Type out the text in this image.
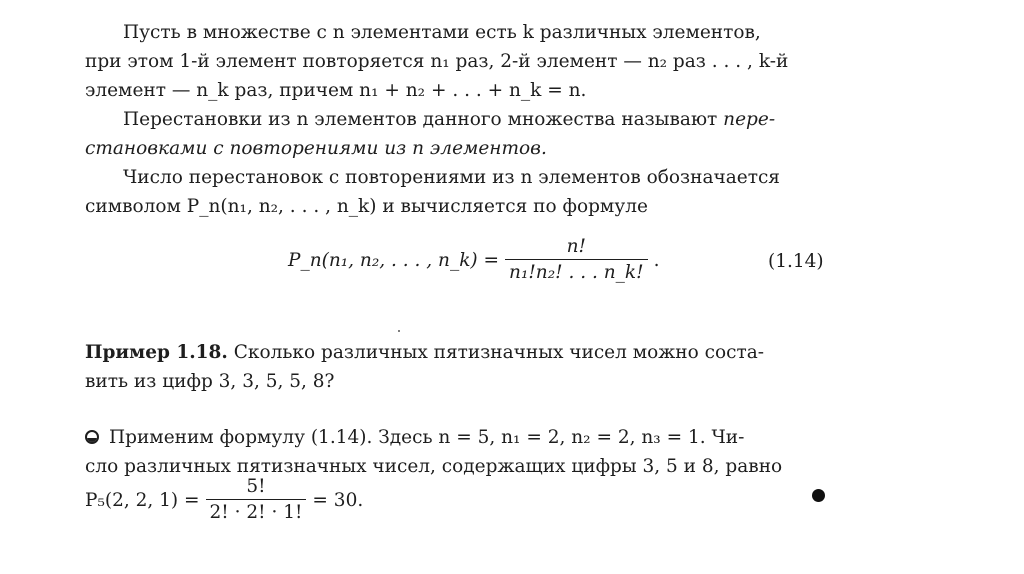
Пусть в множестве с n элементами есть k различных элементов,
при этом 1-й элемент повторяется n₁ раз, 2-й элемент — n₂ раз . . . , k-й
элемент — n_k раз, причем n₁ + n₂ + . . . + n_k = n.
Перестановки из n элементов данного множества называют пере-
становками с повторениями из n элементов.
Число перестановок с повторениями из n элементов обозначается
символом P_n(n₁, n₂, . . . , n_k) и вычисляется по формуле
P_n(n₁, n₂, . . . , n_k) = $\frac{n!}{\text{n₁!n₂! . . . n\_k!}}$ .	(1.14)
Пример 1.18. Сколько различных пятизначных чисел можно соста-
вить из цифр 3, 3, 5, 5, 8?
Применим формулу (1.14). Здесь n = 5, n₁ = 2, n₂ = 2, n₃ = 1. Чи-
сло различных пятизначных чисел, содержащих цифры 3, 5 и 8, равно
P₅(2, 2, $1) = \frac{5!}{2! \cdot 2! \cdot 1!} = 30$.
